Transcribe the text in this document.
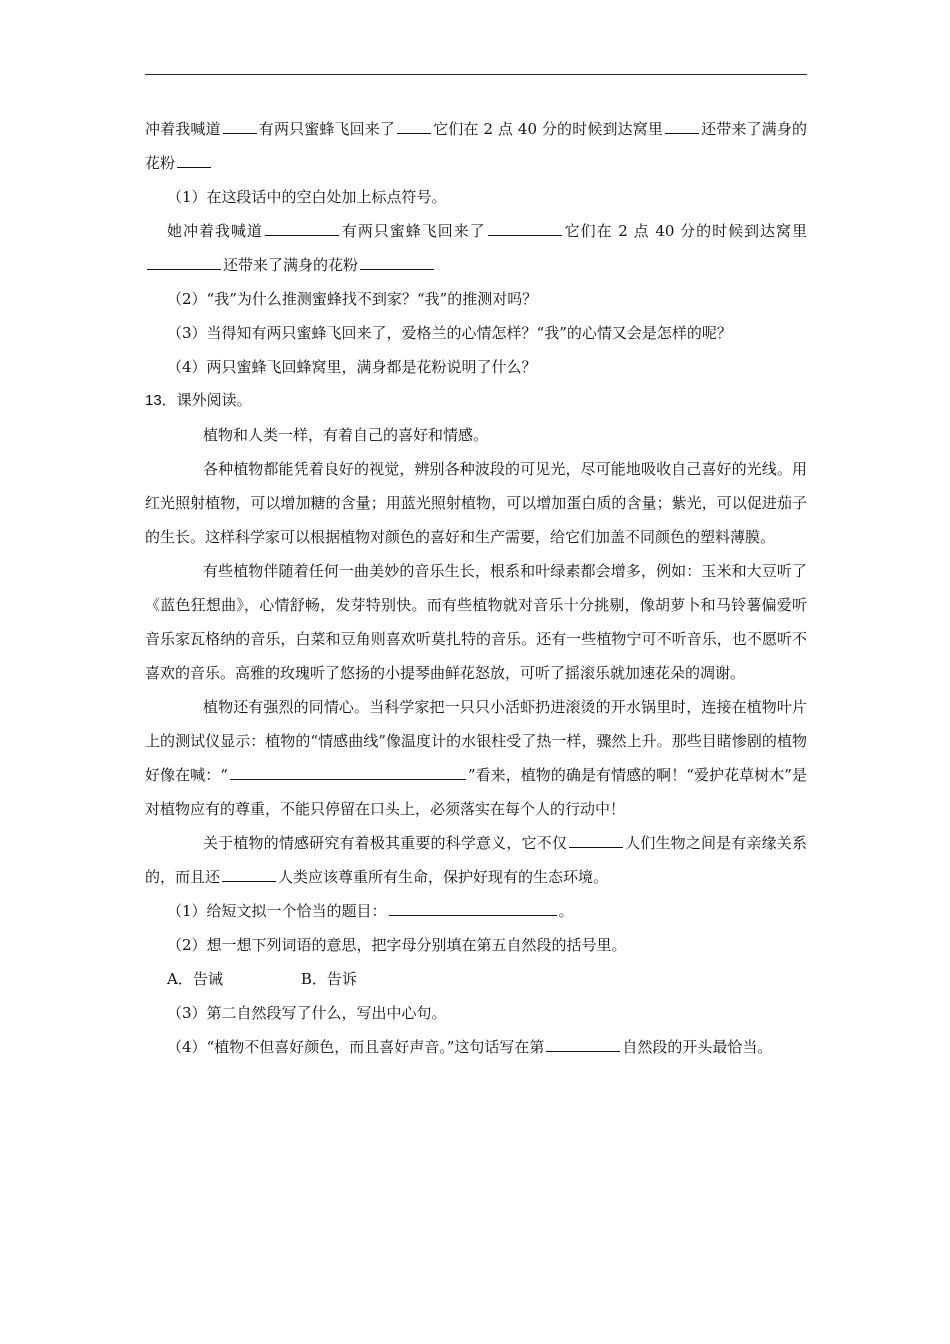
冲着我喊道	有两只蜜蜂飞回来了	它们在 2 点 40 分的时候到达窝里	还带来了满身的花粉

（1）在这段话中的空白处加上标点符号。

她冲着我喊道	有两只蜜蜂飞回来了	它们在 2 点 40 分的时候到达窝里还带来了满身的花粉

（2）“我”为什么推测蜜蜂找不到家？“我”的推测对吗？

（3）当得知有两只蜜蜂飞回来了，爱格兰的心情怎样？“我”的心情又会是怎样的呢？

（4）两只蜜蜂飞回蜂窝里，满身都是花粉说明了什么？

13．课外阅读。

植物和人类一样，有着自己的喜好和情感。

各种植物都能凭着良好的视觉，辨别各种波段的可见光，尽可能地吸收自己喜好的光线。用红光照射植物，可以增加糖的含量；用蓝光照射植物，可以增加蛋白质的含量；紫光，可以促进茄子的生长。这样科学家可以根据植物对颜色的喜好和生产需要，给它们加盖不同颜色的塑料薄膜。

有些植物伴随着任何一曲美妙的音乐生长，根系和叶绿素都会增多，例如：玉米和大豆听了《蓝色狂想曲》，心情舒畅，发芽特别快。而有些植物就对音乐十分挑剔，像胡萝卜和马铃薯偏爱听音乐家瓦格纳的音乐，白菜和豆角则喜欢听莫扎特的音乐。还有一些植物宁可不听音乐，也不愿听不喜欢的音乐。高雅的玫瑰听了悠扬的小提琴曲鲜花怒放，可听了摇滚乐就加速花朵的凋谢。

植物还有强烈的同情心。当科学家把一只只小活虾扔进滚烫的开水锅里时，连接在植物叶片上的测试仪显示：植物的“情感曲线”像温度计的水银柱受了热一样，骤然上升。那些目睹惨剧的植物好像在喊：“	”看来，植物的确是有情感的啊！“爱护花草树木”是对植物应有的尊重，不能只停留在口头上，必须落实在每个人的行动中！

关于植物的情感研究有着极其重要的科学意义，它不仅	人们生物之间是有亲缘关系的，而且还	人类应该尊重所有生命，保护好现有的生态环境。

（1）给短文拟一个恰当的题目：	。

（2）想一想下列词语的意思，把字母分别填在第五自然段的括号里。

A．告诫	B．告诉

（3）第二自然段写了什么，写出中心句。

（4）“植物不但喜好颜色，而且喜好声音。”这句话写在第	自然段的开头最恰当。
